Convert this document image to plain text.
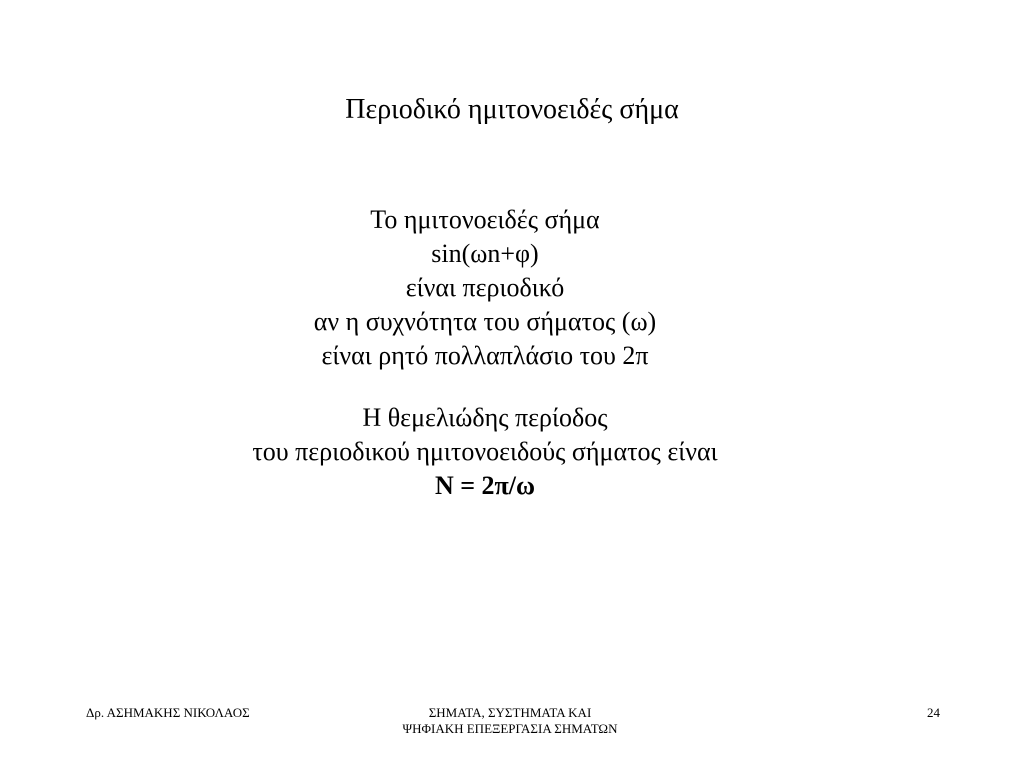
Περιοδικό ημιτονοειδές σήμα
Το ημιτονοειδές σήμα
sin(ωn+φ)
είναι περιοδικό
αν η συχνότητα του σήματος (ω)
είναι ρητό πολλαπλάσιο του 2π
Η θεμελιώδης περίοδος
του περιοδικού ημιτονοειδούς σήματος είναι
N = 2π/ω
Δρ. ΑΣΗΜΑΚΗΣ ΝΙΚΟΛΑΟΣ	ΣΗΜΑΤΑ, ΣΥΣΤΗΜΑΤΑ ΚΑΙ
ΨΗΦΙΑΚΗ ΕΠΕΞΕΡΓΑΣΙΑ ΣΗΜΑΤΩΝ
24
